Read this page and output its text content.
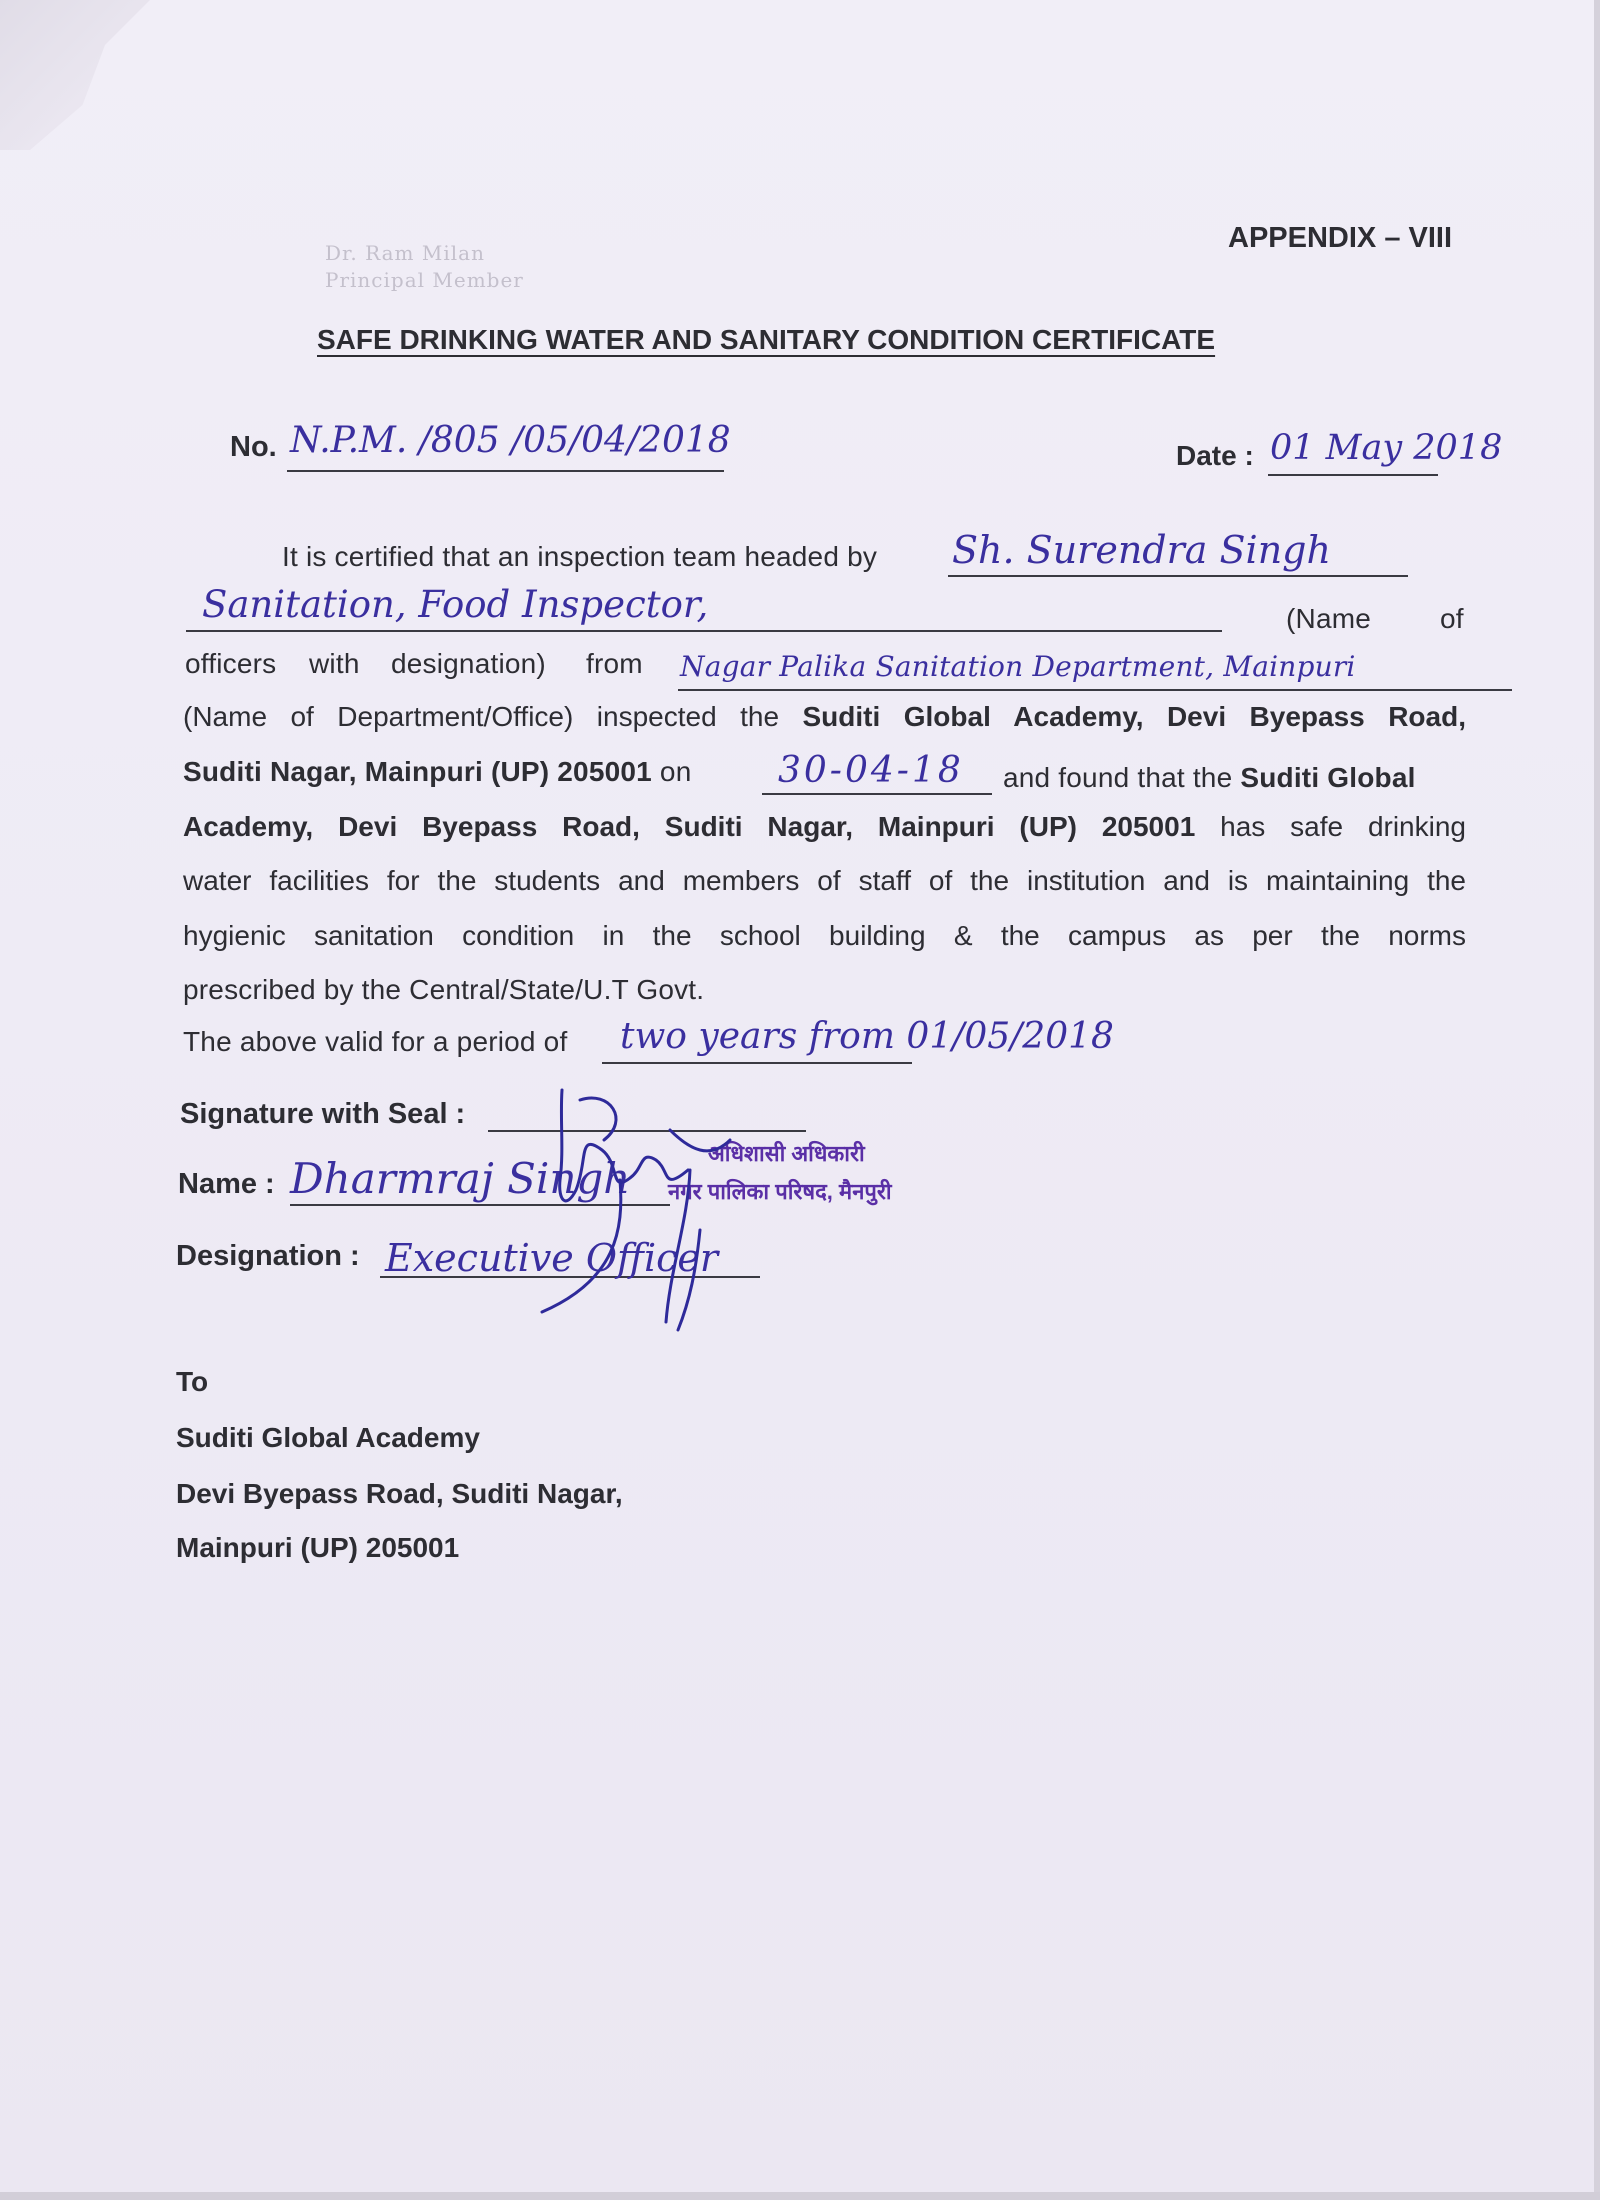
Dr. Ram Milan
Principal Member
APPENDIX – VIII
SAFE DRINKING WATER AND SANITARY CONDITION CERTIFICATE
No. N.P.M. /805 /05/04/2018	Date : 01 May 2018
It is certified that an inspection team headed by Sh. Surendra Singh
Sanitation, Food Inspector,	(Name of
officers with designation) from Nagar Palika Sanitation Department, Mainpuri
(Name of Department/Office) inspected the Suditi Global Academy, Devi Byepass Road,
Suditi Nagar, Mainpuri (UP) 205001 on 30-04-18 and found that the Suditi Global
Academy, Devi Byepass Road, Suditi Nagar, Mainpuri (UP) 205001 has safe drinking
water facilities for the students and members of staff of the institution and is maintaining the
hygienic sanitation condition in the school building & the campus as per the norms
prescribed by the Central/State/U.T Govt.
The above valid for a period of two years from 01/05/2018
Signature with Seal :
Name : Dharmraj Singh
Designation : Executive Officer
अधिशासी अधिकारी
नगर पालिका परिषद, मैनपुरी
To
Suditi Global Academy
Devi Byepass Road, Suditi Nagar,
Mainpuri (UP) 205001
